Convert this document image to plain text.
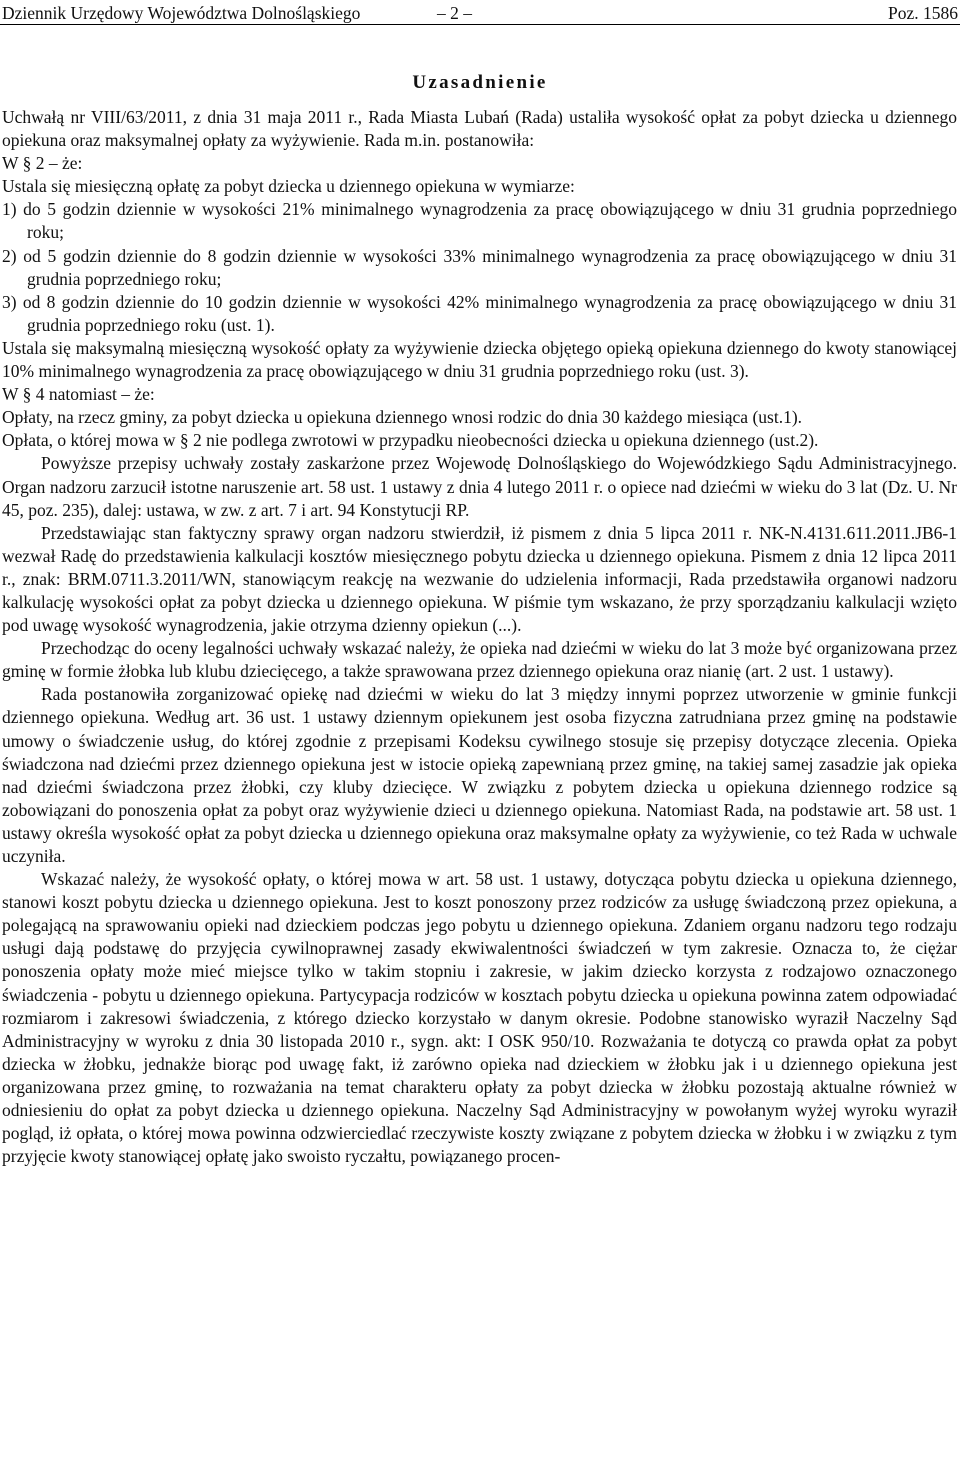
Dziennik Urzędowy Województwa Dolnośląskiego	– 2 –	Poz. 1586
Uzasadnienie

Uchwałą nr VIII/63/2011, z dnia 31 maja 2011 r., Rada Miasta Lubań (Rada) ustaliła wysokość opłat za pobyt dziecka u dziennego opiekuna oraz maksymalnej opłaty za wyżywienie. Rada m.in. postanowiła:

W § 2 – że:

Ustala się miesięczną opłatę za pobyt dziecka u dziennego opiekuna w wymiarze:

1) do 5 godzin dziennie w wysokości 21% minimalnego wynagrodzenia za pracę obowiązującego w dniu 31 grudnia poprzedniego roku;

2) od 5 godzin dziennie do 8 godzin dziennie w wysokości 33% minimalnego wynagrodzenia za pracę obowiązującego w dniu 31 grudnia poprzedniego roku;

3) od 8 godzin dziennie do 10 godzin dziennie w wysokości 42% minimalnego wynagrodzenia za pracę obowiązującego w dniu 31 grudnia poprzedniego roku (ust. 1).

Ustala się maksymalną miesięczną wysokość opłaty za wyżywienie dziecka objętego opieką opiekuna dziennego do kwoty stanowiącej 10% minimalnego wynagrodzenia za pracę obowiązującego w dniu 31 grudnia poprzedniego roku (ust. 3).

W § 4 natomiast – że:

Opłaty, na rzecz gminy, za pobyt dziecka u opiekuna dziennego wnosi rodzic do dnia 30 każdego miesiąca (ust.1).

Opłata, o której mowa w § 2 nie podlega zwrotowi w przypadku nieobecności dziecka u opiekuna dziennego (ust.2).

Powyższe przepisy uchwały zostały zaskarżone przez Wojewodę Dolnośląskiego do Wojewódzkiego Sądu Administracyjnego. Organ nadzoru zarzucił istotne naruszenie art. 58 ust. 1 ustawy z dnia 4 lutego 2011 r. o opiece nad dziećmi w wieku do 3 lat (Dz. U. Nr 45, poz. 235), dalej: ustawa, w zw. z art. 7 i art. 94 Konstytucji RP.

Przedstawiając stan faktyczny sprawy organ nadzoru stwierdził, iż pismem z dnia 5 lipca 2011 r. NK-N.4131.611.2011.JB6-1 wezwał Radę do przedstawienia kalkulacji kosztów miesięcznego pobytu dziecka u dziennego opiekuna. Pismem z dnia 12 lipca 2011 r., znak: BRM.0711.3.2011/WN, stanowiącym reakcję na wezwanie do udzielenia informacji, Rada przedstawiła organowi nadzoru kalkulację wysokości opłat za pobyt dziecka u dziennego opiekuna. W piśmie tym wskazano, że przy sporządzaniu kalkulacji wzięto pod uwagę wysokość wynagrodzenia, jakie otrzyma dzienny opiekun (...).

Przechodząc do oceny legalności uchwały wskazać należy, że opieka nad dziećmi w wieku do lat 3 może być organizowana przez gminę w formie żłobka lub klubu dziecięcego, a także sprawowana przez dziennego opiekuna oraz nianię (art. 2 ust. 1 ustawy).

Rada postanowiła zorganizować opiekę nad dziećmi w wieku do lat 3 między innymi poprzez utworzenie w gminie funkcji dziennego opiekuna. Według art. 36 ust. 1 ustawy dziennym opiekunem jest osoba fizyczna zatrudniana przez gminę na podstawie umowy o świadczenie usług, do której zgodnie z przepisami Kodeksu cywilnego stosuje się przepisy dotyczące zlecenia. Opieka świadczona nad dziećmi przez dziennego opiekuna jest w istocie opieką zapewnianą przez gminę, na takiej samej zasadzie jak opieka nad dziećmi świadczona przez żłobki, czy kluby dziecięce. W związku z pobytem dziecka u opiekuna dziennego rodzice są zobowiązani do ponoszenia opłat za pobyt oraz wyżywienie dzieci u dziennego opiekuna. Natomiast Rada, na podstawie art. 58 ust. 1 ustawy określa wysokość opłat za pobyt dziecka u dziennego opiekuna oraz maksymalne opłaty za wyżywienie, co też Rada w uchwale uczyniła.

Wskazać należy, że wysokość opłaty, o której mowa w art. 58 ust. 1 ustawy, dotycząca pobytu dziecka u opiekuna dziennego, stanowi koszt pobytu dziecka u dziennego opiekuna. Jest to koszt ponoszony przez rodziców za usługę świadczoną przez opiekuna, a polegającą na sprawowaniu opieki nad dzieckiem podczas jego pobytu u dziennego opiekuna. Zdaniem organu nadzoru tego rodzaju usługi dają podstawę do przyjęcia cywilnoprawnej zasady ekwiwalentności świadczeń w tym zakresie. Oznacza to, że ciężar ponoszenia opłaty może mieć miejsce tylko w takim stopniu i zakresie, w jakim dziecko korzysta z rodzajowo oznaczonego świadczenia - pobytu u dziennego opiekuna. Partycypacja rodziców w kosztach pobytu dziecka u opiekuna powinna zatem odpowiadać rozmiarom i zakresowi świadczenia, z którego dziecko korzystało w danym okresie. Podobne stanowisko wyraził Naczelny Sąd Administracyjny w wyroku z dnia 30 listopada 2010 r., sygn. akt: I OSK 950/10. Rozważania te dotyczą co prawda opłat za pobyt dziecka w żłobku, jednakże biorąc pod uwagę fakt, iż zarówno opieka nad dzieckiem w żłobku jak i u dziennego opiekuna jest organizowana przez gminę, to rozważania na temat charakteru opłaty za pobyt dziecka w żłobku pozostają aktualne również w odniesieniu do opłat za pobyt dziecka u dziennego opiekuna. Naczelny Sąd Administracyjny w powołanym wyżej wyroku wyraził pogląd, iż opłata, o której mowa powinna odzwierciedlać rzeczywiste koszty związane z pobytem dziecka w żłobku i w związku z tym przyjęcie kwoty stanowiącej opłatę jako swoisto ryczałtu, powiązanego procen-
